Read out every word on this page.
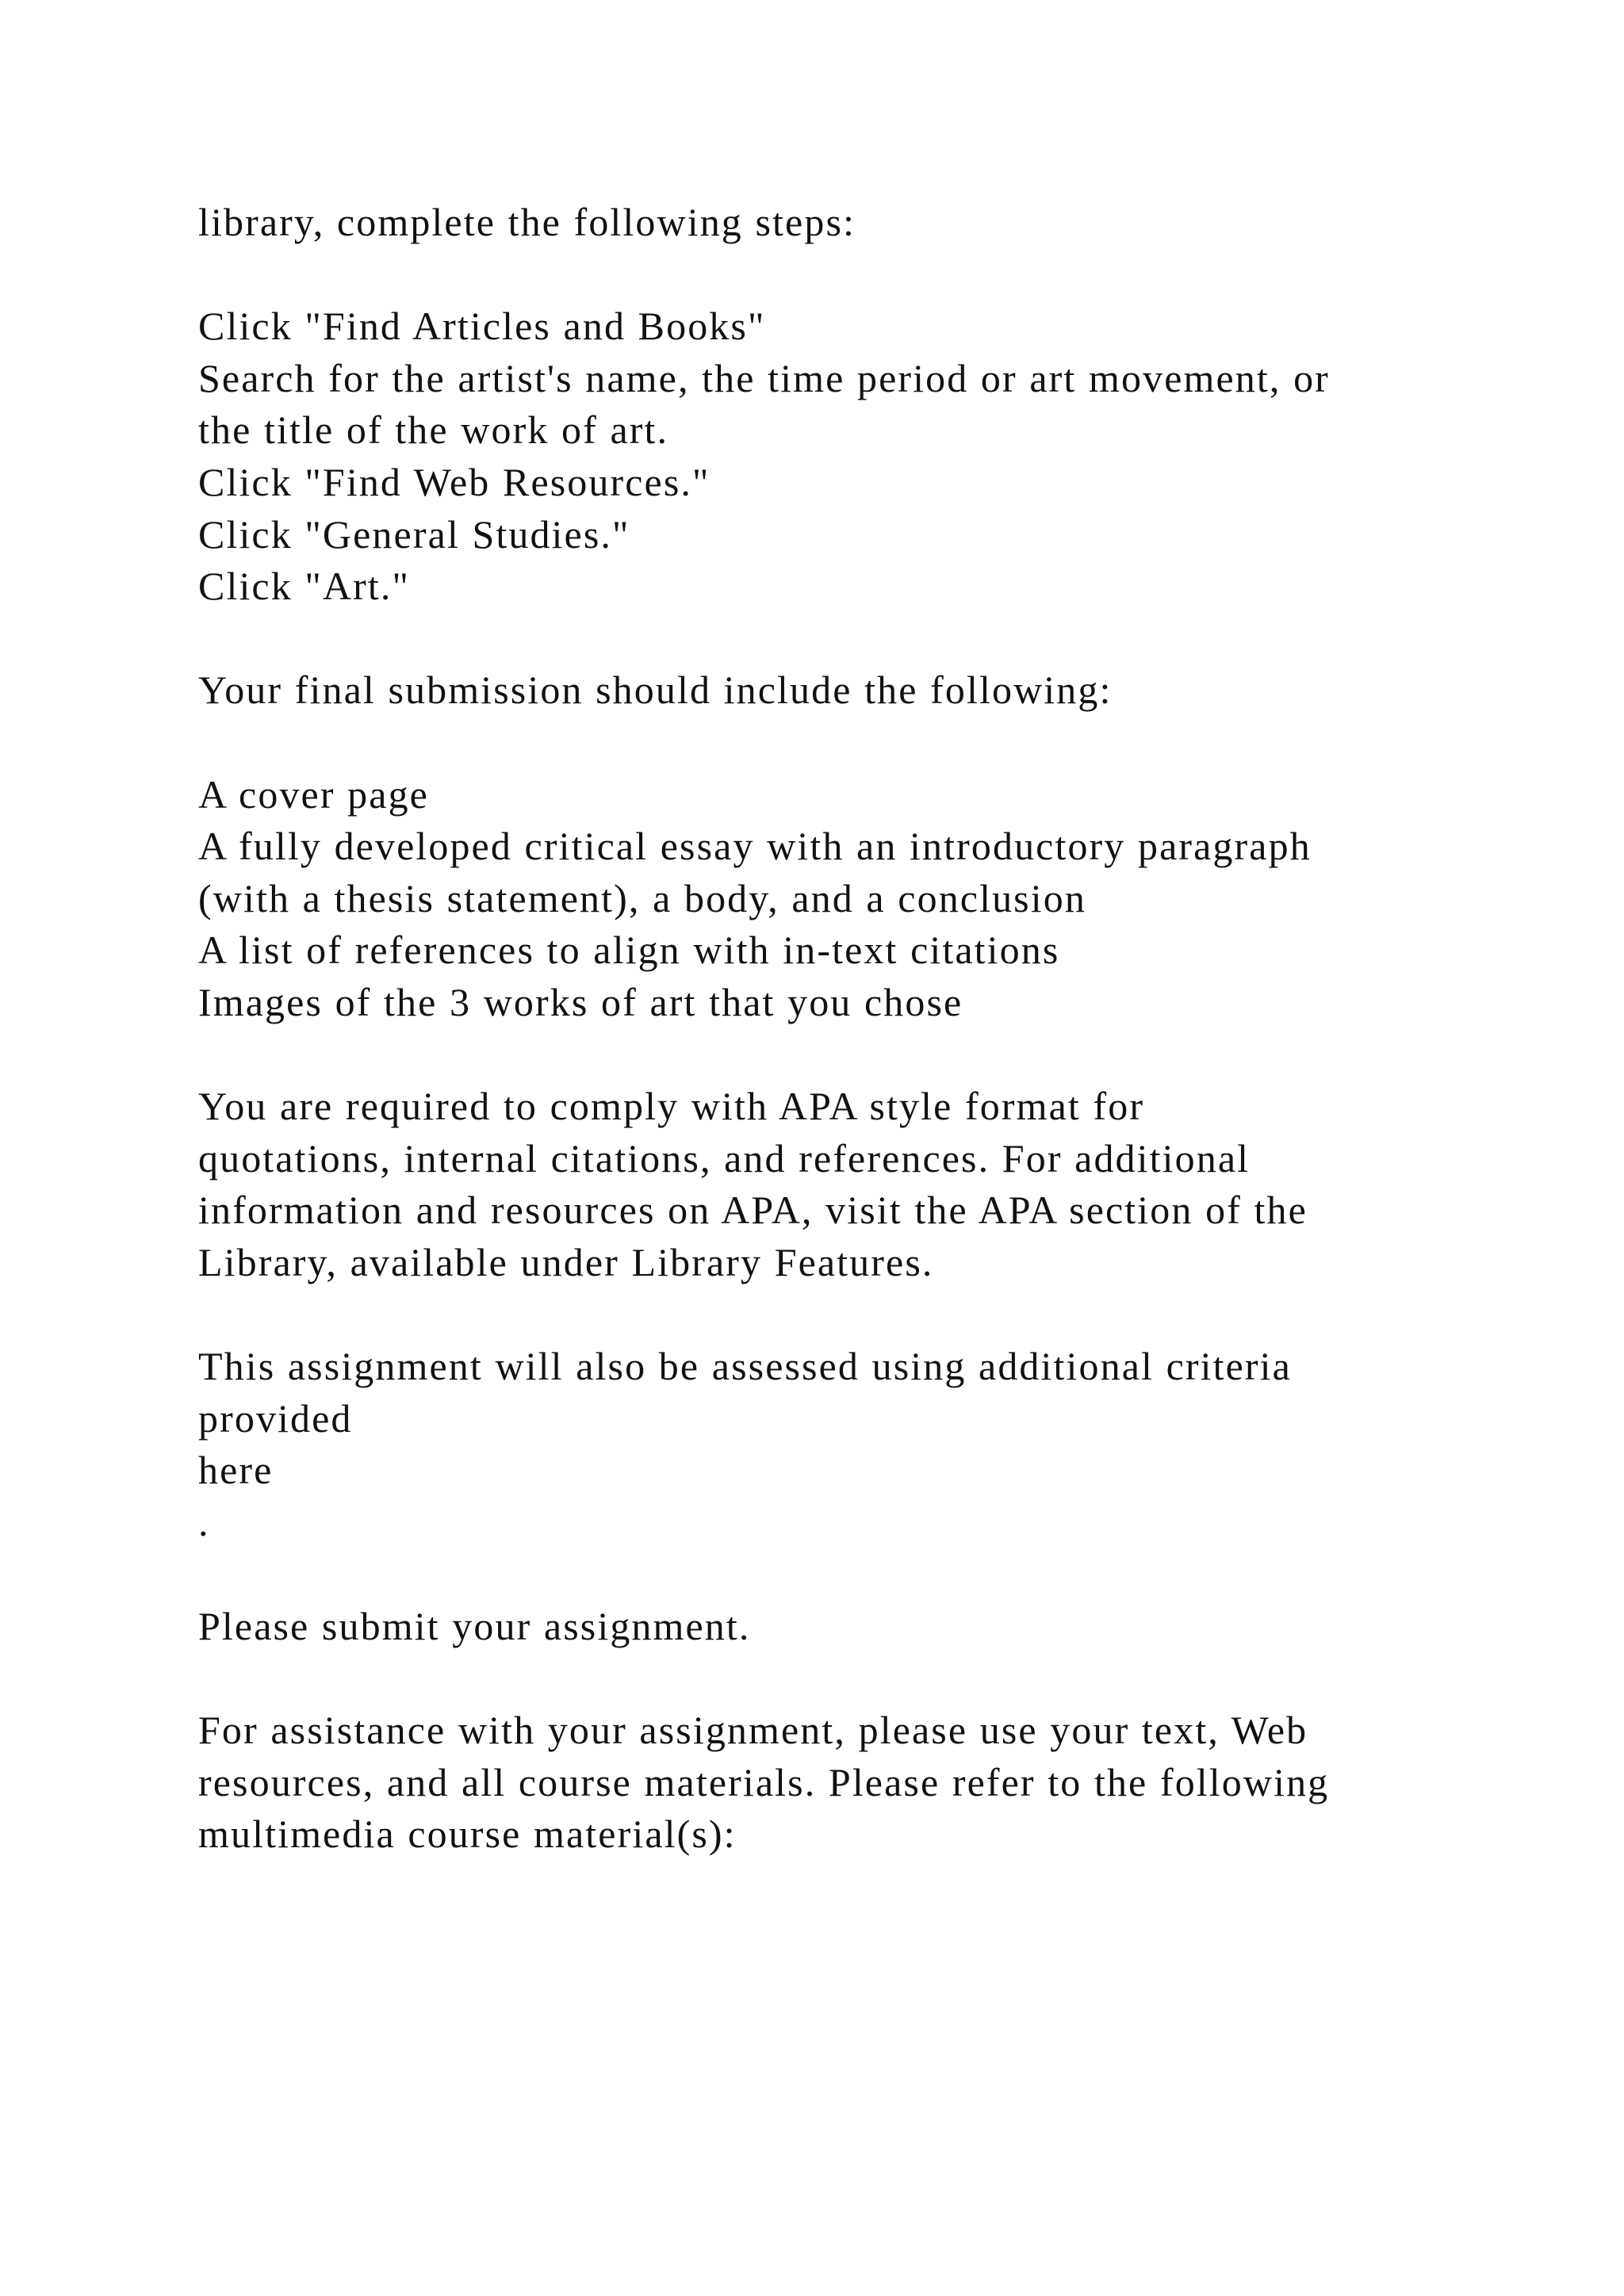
library, complete the following steps:
Click "Find Articles and Books"
Search for the artist's name, the time period or art movement, or
the title of the work of art.
Click "Find Web Resources."
Click "General Studies."
Click "Art."
Your final submission should include the following:
A cover page
A fully developed critical essay with an introductory paragraph
(with a thesis statement), a body, and a conclusion
A list of references to align with in-text citations
Images of the 3 works of art that you chose
You are required to comply with APA style format for
quotations, internal citations, and references. For additional
information and resources on APA, visit the APA section of the
Library, available under Library Features.
This assignment will also be assessed using additional criteria
provided
here
.
Please submit your assignment.
For assistance with your assignment, please use your text, Web
resources, and all course materials. Please refer to the following
multimedia course material(s):
